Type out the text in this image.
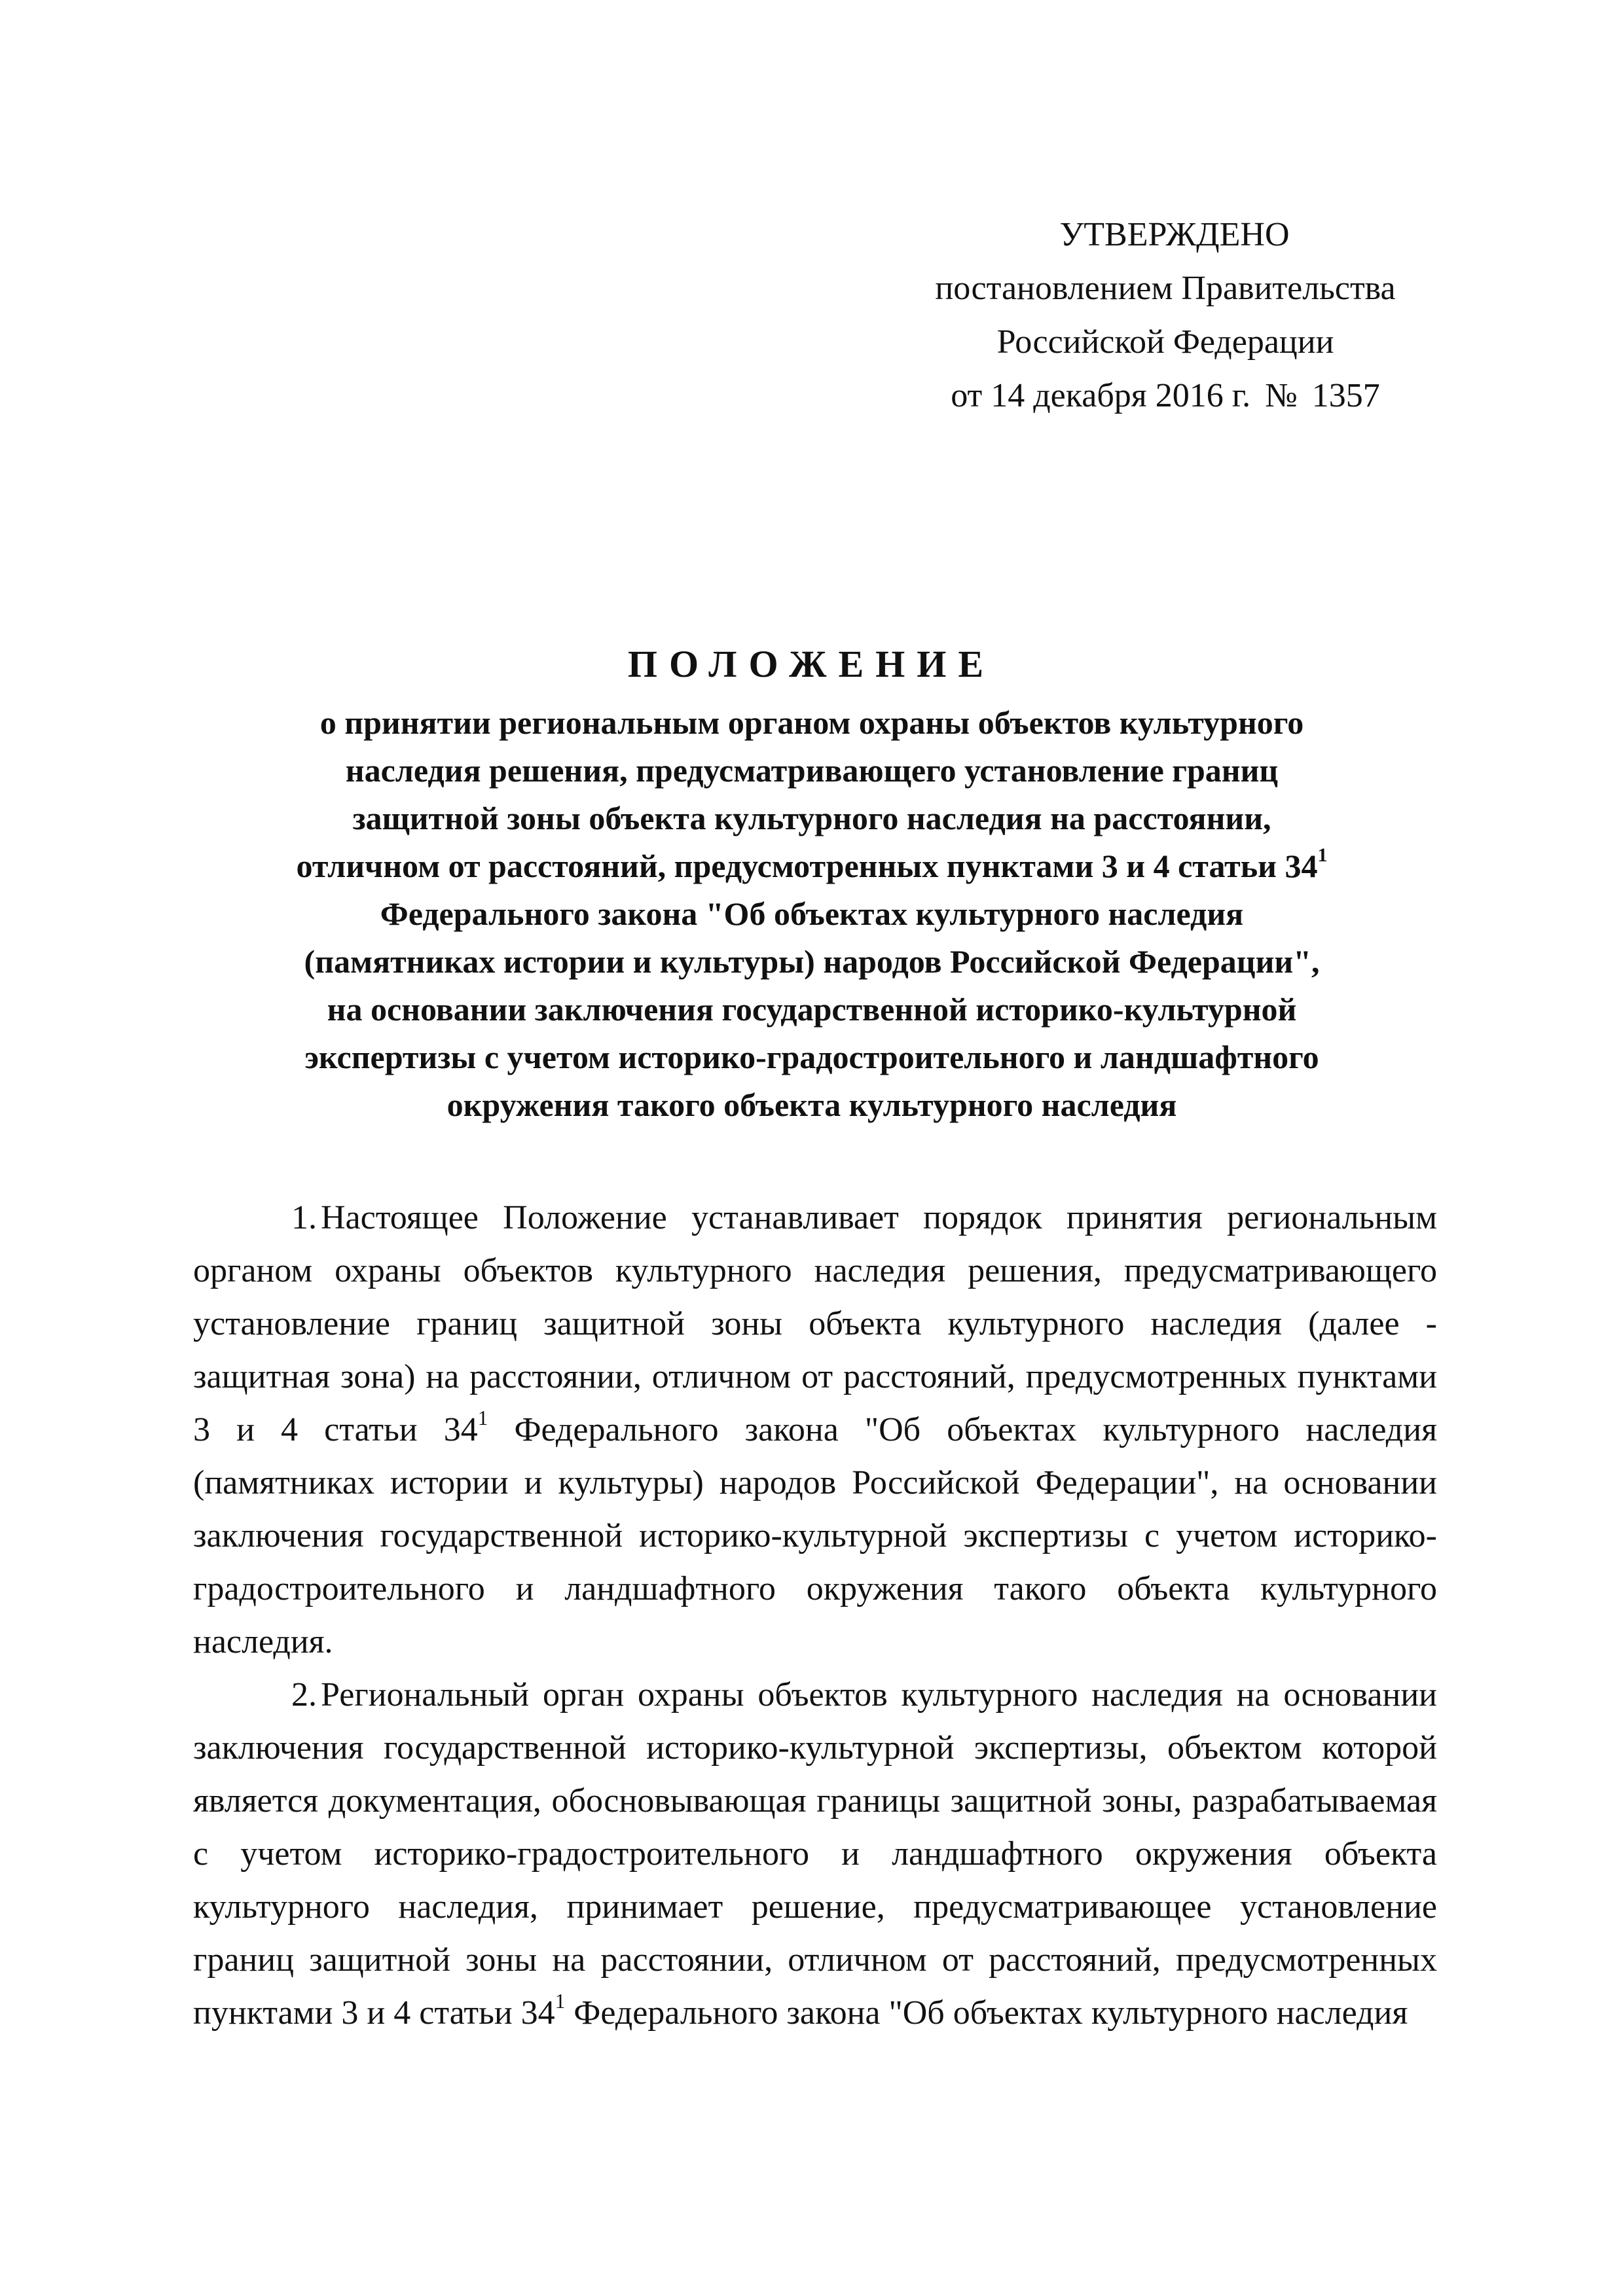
УТВЕРЖДЕНО
постановлением Правительства
Российской Федерации
от 14 декабря 2016 г. № 1357
ПОЛОЖЕНИЕ
о принятии региональным органом охраны объектов культурного
наследия решения, предусматривающего установление границ
защитной зоны объекта культурного наследия на расстоянии,
отличном от расстояний, предусмотренных пунктами 3 и 4 статьи $34^1$
Федерального закона "Об объектах культурного наследия
(памятниках истории и культуры) народов Российской Федерации",
на основании заключения государственной историко-культурной
экспертизы с учетом историко-градостроительного и ландшафтного
окружения такого объекта культурного наследия

1. Настоящее Положение устанавливает порядок принятия региональным органом охраны объектов культурного наследия решения, предусматривающего установление границ защитной зоны объекта культурного наследия (далее - защитная зона) на расстоянии, отличном от расстояний, предусмотренных пунктами 3 и 4 статьи $34^1$ Федерального закона "Об объектах культурного наследия (памятниках истории и культуры) народов Российской Федерации", на основании заключения государственной историко-культурной экспертизы с учетом историко-градостроительного и ландшафтного окружения такого объекта культурного наследия.

2. Региональный орган охраны объектов культурного наследия на основании заключения государственной историко-культурной экспертизы, объектом которой является документация, обосновывающая границы защитной зоны, разрабатываемая с учетом историко-градостроительного и ландшафтного окружения объекта культурного наследия, принимает решение, предусматривающее установление границ защитной зоны на расстоянии, отличном от расстояний, предусмотренных пунктами 3 и 4 статьи $34^1$ Федерального закона "Об объектах культурного наследия
